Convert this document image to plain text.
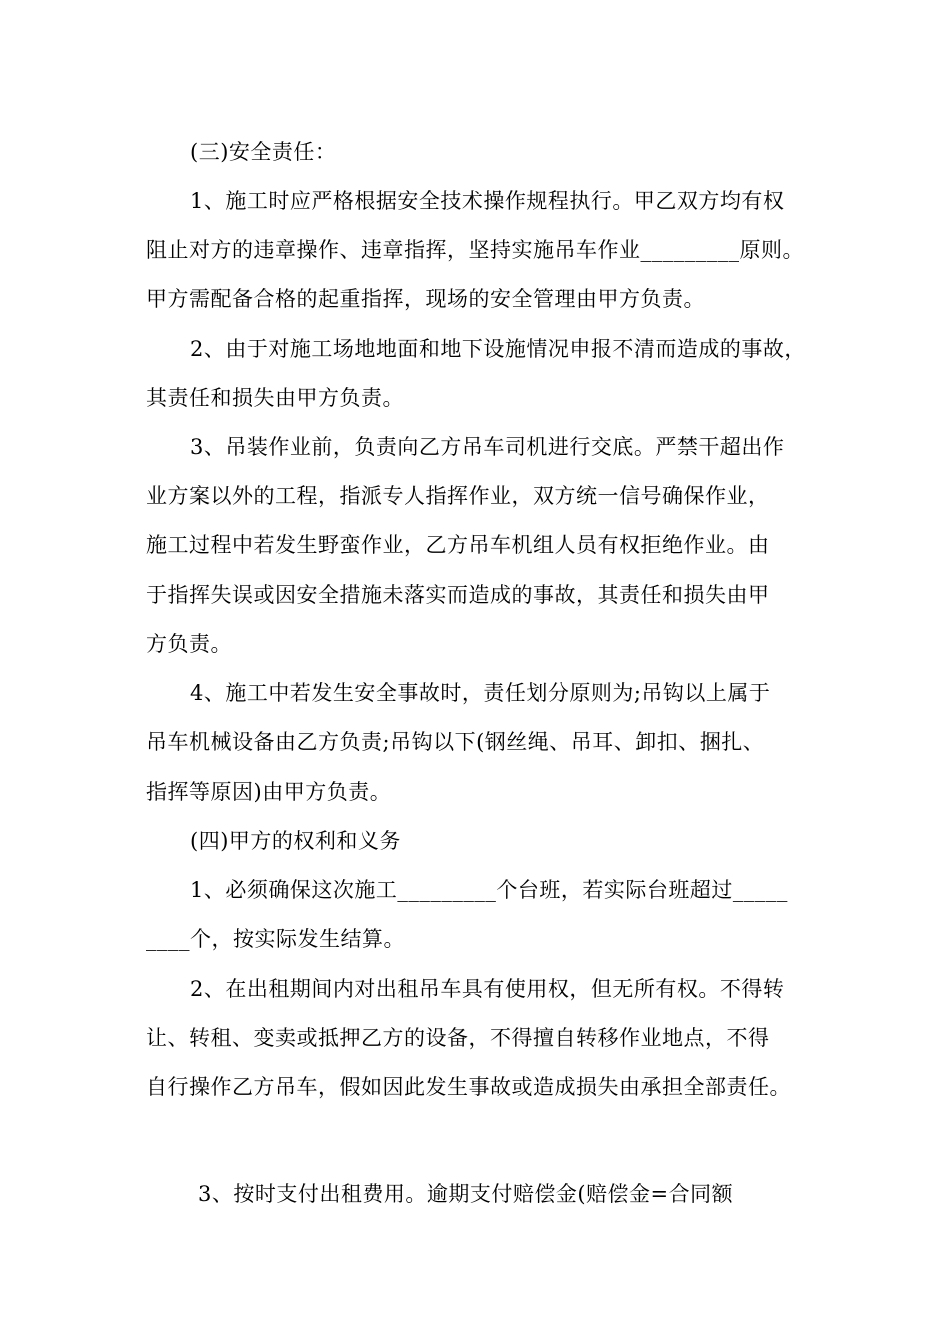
(三)安全责任：
1、施工时应严格根据安全技术操作规程执行。甲乙双方均有权
阻止对方的违章操作、违章指挥，坚持实施吊车作业_________原则。
甲方需配备合格的起重指挥，现场的安全管理由甲方负责。
2、由于对施工场地地面和地下设施情况申报不清而造成的事故，
其责任和损失由甲方负责。
3、吊装作业前，负责向乙方吊车司机进行交底。严禁干超出作
业方案以外的工程，指派专人指挥作业，双方统一信号确保作业，
施工过程中若发生野蛮作业，乙方吊车机组人员有权拒绝作业。由
于指挥失误或因安全措施未落实而造成的事故，其责任和损失由甲
方负责。
4、施工中若发生安全事故时，责任划分原则为;吊钩以上属于
吊车机械设备由乙方负责;吊钩以下(钢丝绳、吊耳、卸扣、捆扎、
指挥等原因)由甲方负责。
(四)甲方的权利和义务
1、必须确保这次施工_________个台班，若实际台班超过_____
____个，按实际发生结算。
2、在出租期间内对出租吊车具有使用权，但无所有权。不得转
让、转租、变卖或抵押乙方的设备，不得擅自转移作业地点，不得
自行操作乙方吊车，假如因此发生事故或造成损失由承担全部责任。
3、按时支付出租费用。逾期支付赔偿金(赔偿金=合同额
